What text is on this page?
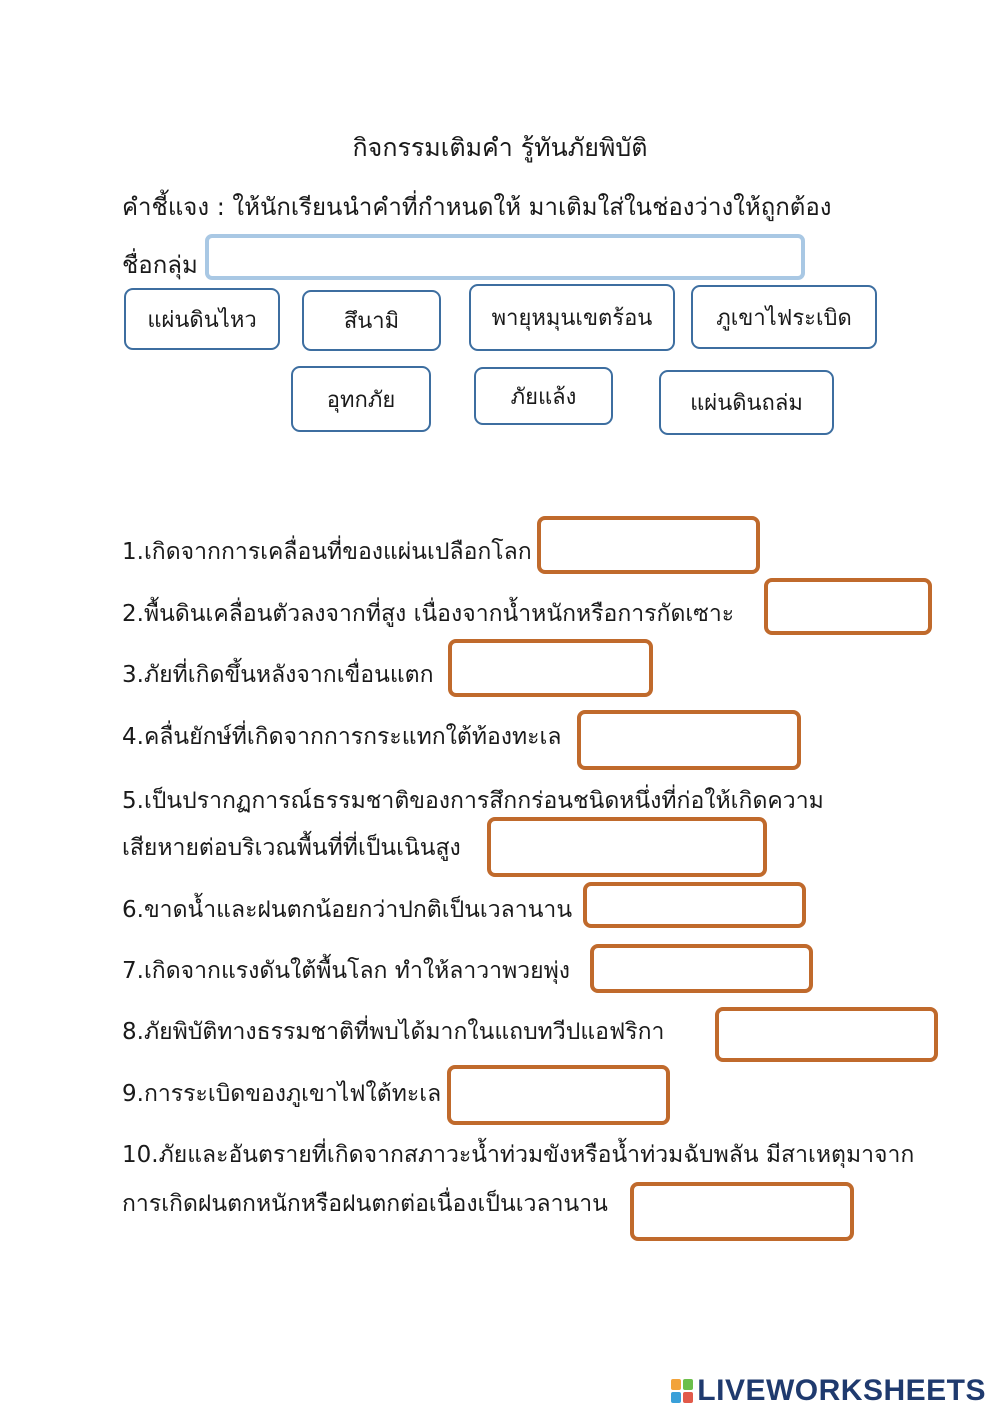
กิจกรรมเติมคำ รู้ทันภัยพิบัติ
คำชี้แจง : ให้นักเรียนนำคำที่กำหนดให้ มาเติมใส่ในช่องว่างให้ถูกต้อง
ชื่อกลุ่ม
แผ่นดินไหว	สึนามิ	พายุหมุนเขตร้อน	ภูเขาไฟระเบิด
อุทกภัย	ภัยแล้ง	แผ่นดินถล่ม
1.เกิดจากการเคลื่อนที่ของแผ่นเปลือกโลก
2.พื้นดินเคลื่อนตัวลงจากที่สูง เนื่องจากน้ำหนักหรือการกัดเซาะ
3.ภัยที่เกิดขึ้นหลังจากเขื่อนแตก
4.คลื่นยักษ์ที่เกิดจากการกระแทกใต้ท้องทะเล
5.เป็นปรากฏการณ์ธรรมชาติของการสึกกร่อนชนิดหนึ่งที่ก่อให้เกิดความ
เสียหายต่อบริเวณพื้นที่ที่เป็นเนินสูง
6.ขาดน้ำและฝนตกน้อยกว่าปกติเป็นเวลานาน
7.เกิดจากแรงดันใต้พื้นโลก ทำให้ลาวาพวยพุ่ง
8.ภัยพิบัติทางธรรมชาติที่พบได้มากในแถบทวีปแอฟริกา
9.การระเบิดของภูเขาไฟใต้ทะเล
10.ภัยและอันตรายที่เกิดจากสภาวะน้ำท่วมขังหรือน้ำท่วมฉับพลัน มีสาเหตุมาจาก
การเกิดฝนตกหนักหรือฝนตกต่อเนื่องเป็นเวลานาน
LIVEWORKSHEETS
